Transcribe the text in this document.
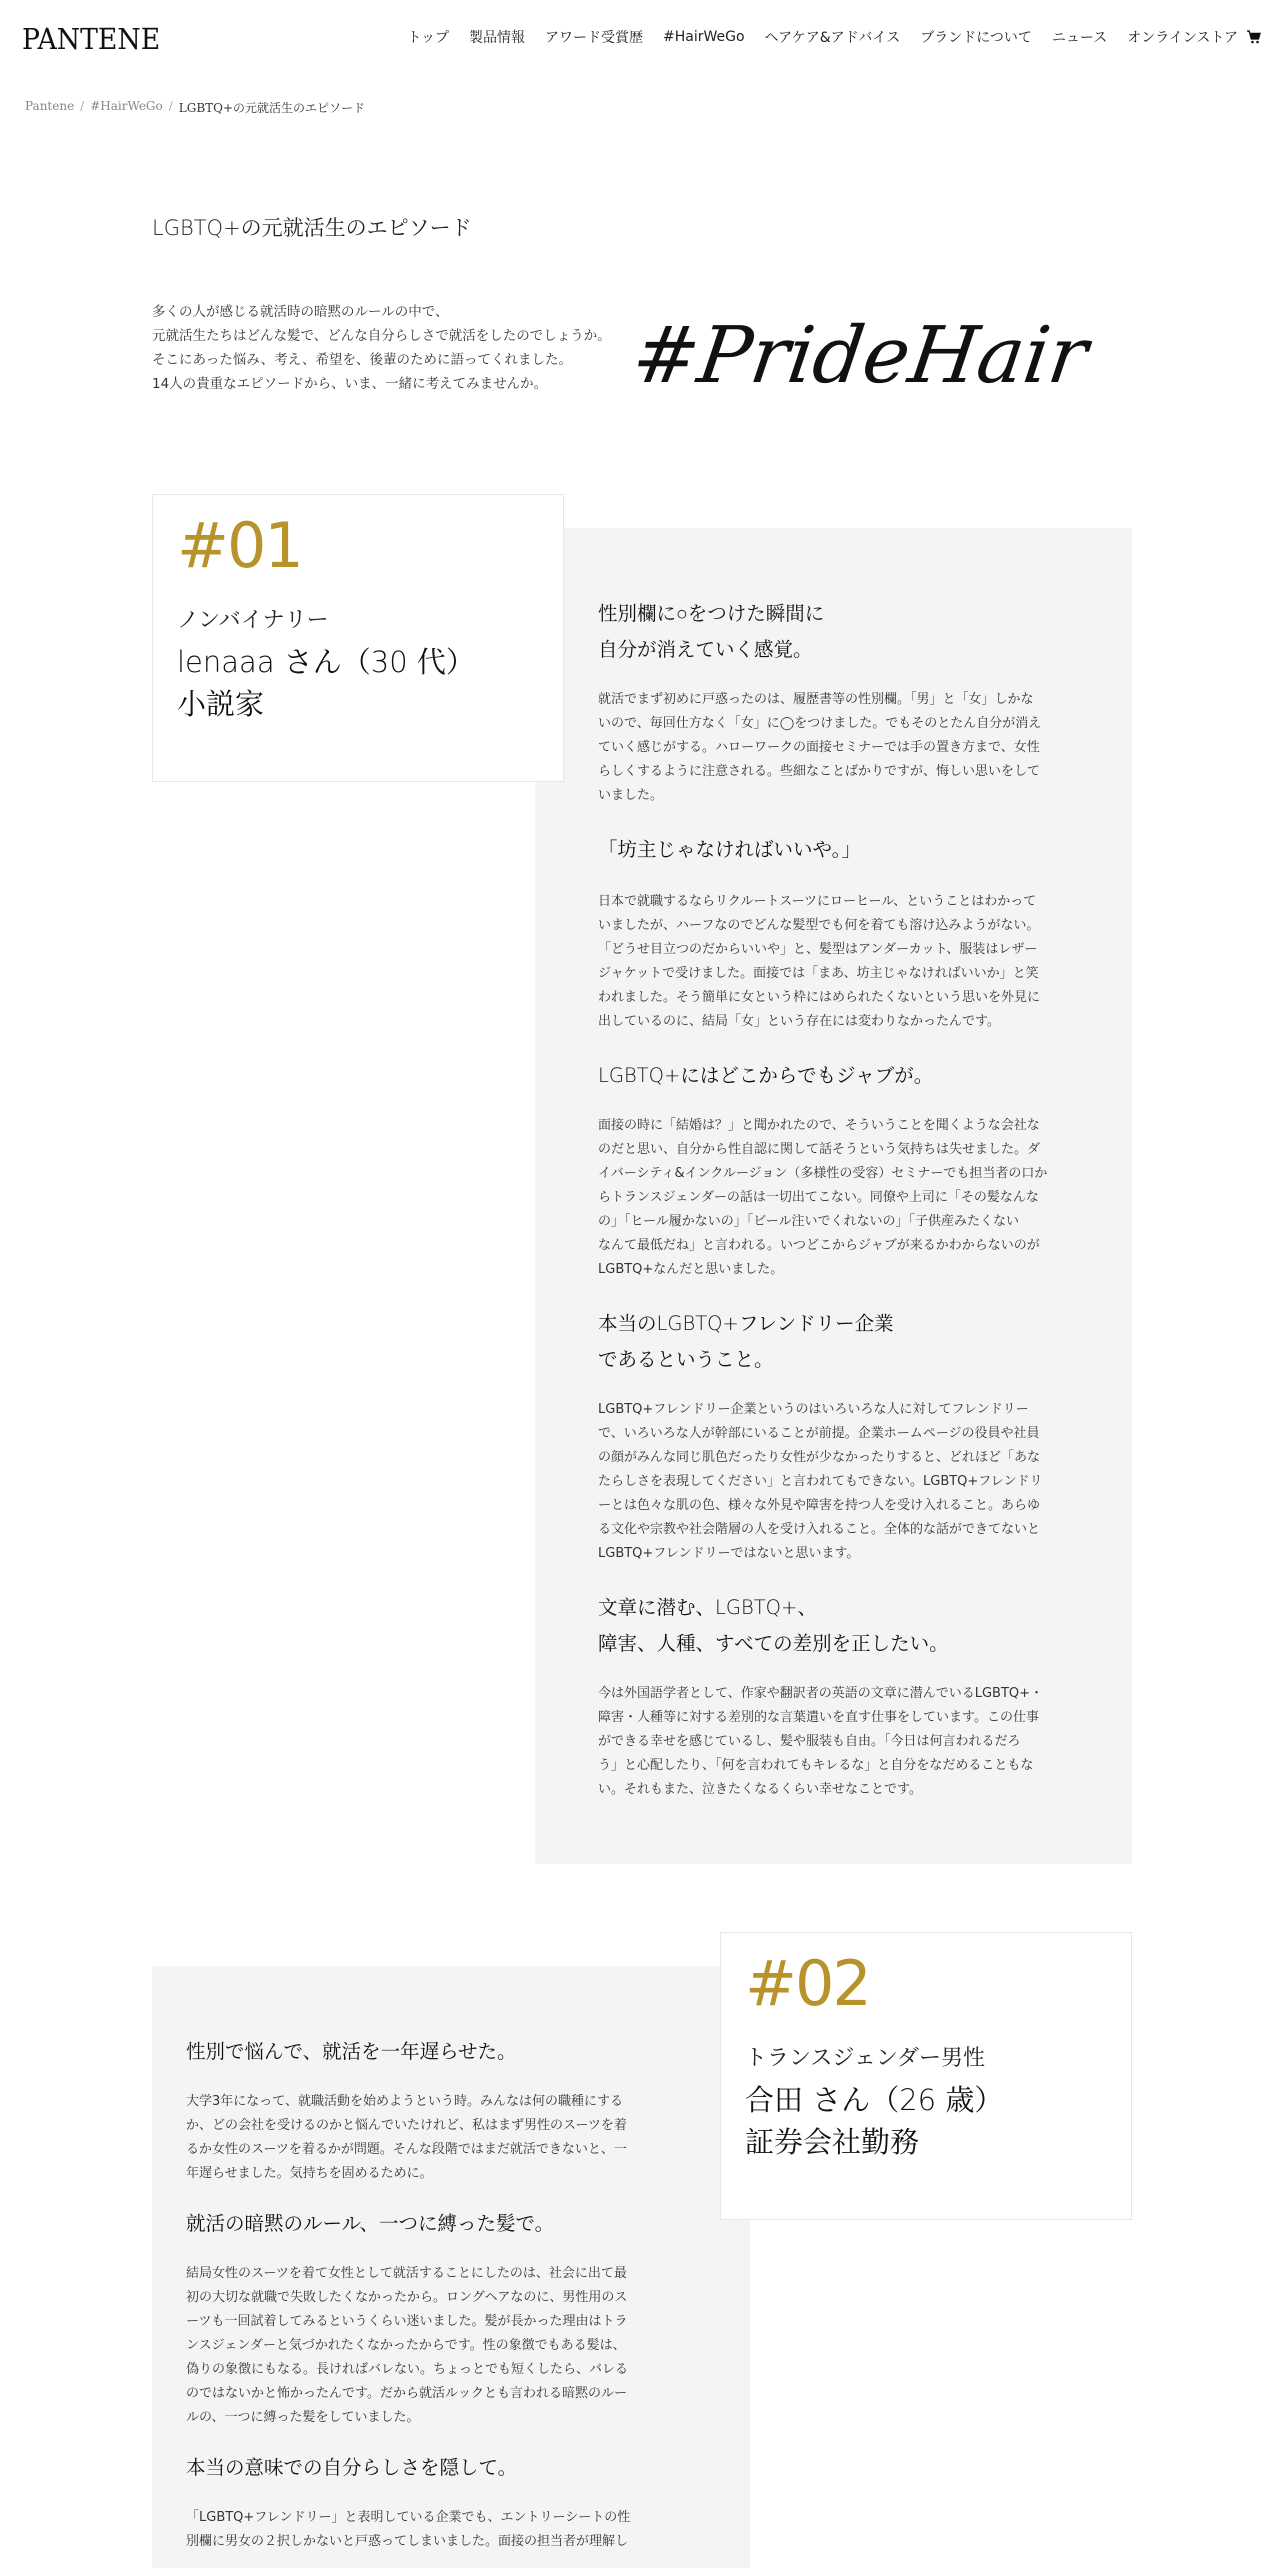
PANTENE	トップ 製品情報 アワード受賞歴 #HairWeGo ヘアケア&アドバイス ブランドについて ニュース オンラインストア
Pantene / #HairWeGo / LGBTQ+の元就活生のエピソード
LGBTQ+の元就活生のエピソード
多くの人が感じる就活時の暗黙のルールの中で、
元就活生たちはどんな髪で、どんな自分らしさで就活をしたのでしょうか。
そこにあった悩み、考え、希望を、後輩のために語ってくれました。
14人の貴重なエピソードから、いま、一緒に考えてみませんか。	#PrideHair
#01
ノンバイナリー
lenaaa さん（30 代）
小説家
性別欄に○をつけた瞬間に
自分が消えていく感覚。

就活でまず初めに戸惑ったのは、履歴書等の性別欄。「男」と「女」しかな
いので、毎回仕方なく「女」に◯をつけました。でもそのとたん自分が消え
ていく感じがする。ハローワークの面接セミナーでは手の置き方まで、女性
らしくするように注意される。些細なことばかりですが、悔しい思いをして
いました。

「坊主じゃなければいいや。」

日本で就職するならリクルートスーツにローヒール、ということはわかって
いましたが、ハーフなのでどんな髪型でも何を着ても溶け込みようがない。
「どうせ目立つのだからいいや」と、髪型はアンダーカット、服装はレザー
ジャケットで受けました。面接では「まあ、坊主じゃなければいいか」と笑
われました。そう簡単に女という枠にはめられたくないという思いを外見に
出しているのに、結局「女」という存在には変わりなかったんです。

LGBTQ+にはどこからでもジャブが。

面接の時に「結婚は？」と聞かれたので、そういうことを聞くような会社な
のだと思い、自分から性自認に関して話そうという気持ちは失せました。ダ
イバーシティ&インクルージョン（多様性の受容）セミナーでも担当者の口か
らトランスジェンダーの話は一切出てこない。同僚や上司に「その髪なんな
の」「ヒール履かないの」「ビール注いでくれないの」「子供産みたくない
なんて最低だね」と言われる。いつどこからジャブが来るかわからないのが
LGBTQ+なんだと思いました。

本当のLGBTQ+フレンドリー企業
であるということ。

LGBTQ+フレンドリー企業というのはいろいろな人に対してフレンドリー
で、いろいろな人が幹部にいることが前提。企業ホームページの役員や社員
の顔がみんな同じ肌色だったり女性が少なかったりすると、どれほど「あな
たらしさを表現してください」と言われてもできない。LGBTQ+フレンドリ
ーとは色々な肌の色、様々な外見や障害を持つ人を受け入れること。あらゆ
る文化や宗教や社会階層の人を受け入れること。全体的な話ができてないと
LGBTQ+フレンドリーではないと思います。

文章に潜む、LGBTQ+、
障害、人種、すべての差別を正したい。

今は外国語学者として、作家や翻訳者の英語の文章に潜んでいるLGBTQ+・
障害・人種等に対する差別的な言葉遣いを直す仕事をしています。この仕事
ができる幸せを感じているし、髪や服装も自由。「今日は何言われるだろ
う」と心配したり、「何を言われてもキレるな」と自分をなだめることもな
い。それもまた、泣きたくなるくらい幸せなことです。

#02
トランスジェンダー男性
合田 さん（26 歳）
証券会社勤務
性別で悩んで、就活を一年遅らせた。

大学3年になって、就職活動を始めようという時。みんなは何の職種にする
か、どの会社を受けるのかと悩んでいたけれど、私はまず男性のスーツを着
るか女性のスーツを着るかが問題。そんな段階ではまだ就活できないと、一
年遅らせました。気持ちを固めるために。

就活の暗黙のルール、一つに縛った髪で。

結局女性のスーツを着て女性として就活することにしたのは、社会に出て最
初の大切な就職で失敗したくなかったから。ロングヘアなのに、男性用のス
ーツも一回試着してみるというくらい迷いました。髪が長かった理由はトラ
ンスジェンダーと気づかれたくなかったからです。性の象徴でもある髪は、
偽りの象徴にもなる。長ければバレない。ちょっとでも短くしたら、バレる
のではないかと怖かったんです。だから就活ルックとも言われる暗黙のルー
ルの、一つに縛った髪をしていました。

本当の意味での自分らしさを隠して。

「LGBTQ+フレンドリー」と表明している企業でも、エントリーシートの性
別欄に男女の２択しかないと戸惑ってしまいました。面接の担当者が理解し
